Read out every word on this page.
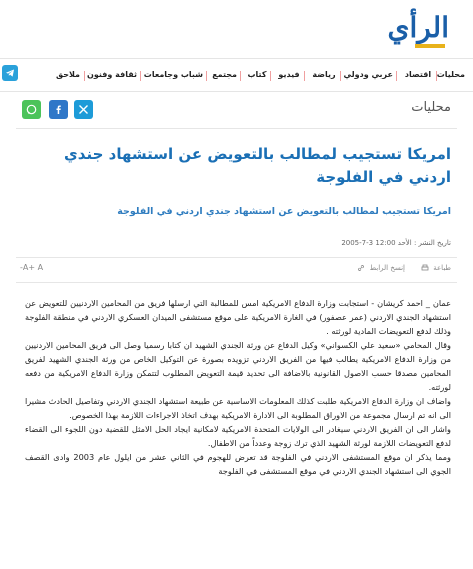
الرأي
محليات
اقتصاد
عربي ودولي
رياضة
فيديو
كتاب
مجتمع
شباب وجامعات
ثقافة وفنون
ملاحق
محليات
امريكا تستجيب لمطالب بالتعويض عن استشهاد جندي اردني في الفلوجة
امريكا تستجيب لمطالب بالتعويض عن استشهاد جندي اردني في الفلوجة
تاريخ النشر : الأحد 12:00 3-7-2005
طباعة
إنسخ الرابط
A+ A-

عمان _ احمد كريشان - استجابت وزارة الدفاع الامريكية امس للمطالبة التي ارسلها فريق من المحامين الاردنيين للتعويض عن استشهاد الجندي الاردني (عمر عصفور) في الغارة الامريكية على موقع مستشفى الميدان العسكري الاردني في منطقة الفلوجة وذلك لدفع التعويضات المادية لورثته .

وقال المحامي «سعيد علي الكسواني» وكيل الدفاع عن ورثة الجندي الشهيد ان كتابا رسميا وصل الى فريق المحامين الاردنيين من وزارة الدفاع الامريكية يطالب فيها من الفريق الاردني تزويده بصورة عن التوكيل الخاص من ورثة الجندي الشهيد لفريق المحامين مصدقا حسب الاصول القانونية بالاضافة الى تحديد قيمة التعويض المطلوب لتتمكن وزارة الدفاع الامريكية من دفعه لورثته.

واضاف ان وزارة الدفاع الامريكية طلبت كذلك المعلومات الاساسية عن طبيعة استشهاد الجندي الاردني وتفاصيل الحادث مشيرا الى انه تم ارسال مجموعة من الاوراق المطلوبة الى الادارة الامريكية بهدف اتخاذ الاجراءات اللازمة بهذا الخصوص.

واشار الى ان الفريق الاردني سيغادر الى الولايات المتحدة الامريكية لامكانية ايجاد الحل الامثل للقضية دون اللجوء الى القضاء لدفع التعويضات اللازمة لورثة الشهيد الذي ترك زوجة وعدداً من الاطفال.

ومما يذكر ان موقع المستشفى الاردني في الفلوجة قد تعرض للهجوم في الثاني عشر من ايلول عام 2003 وادى القصف الجوي الى استشهاد الجندي الاردني في موقع المستشفى في الفلوجة
